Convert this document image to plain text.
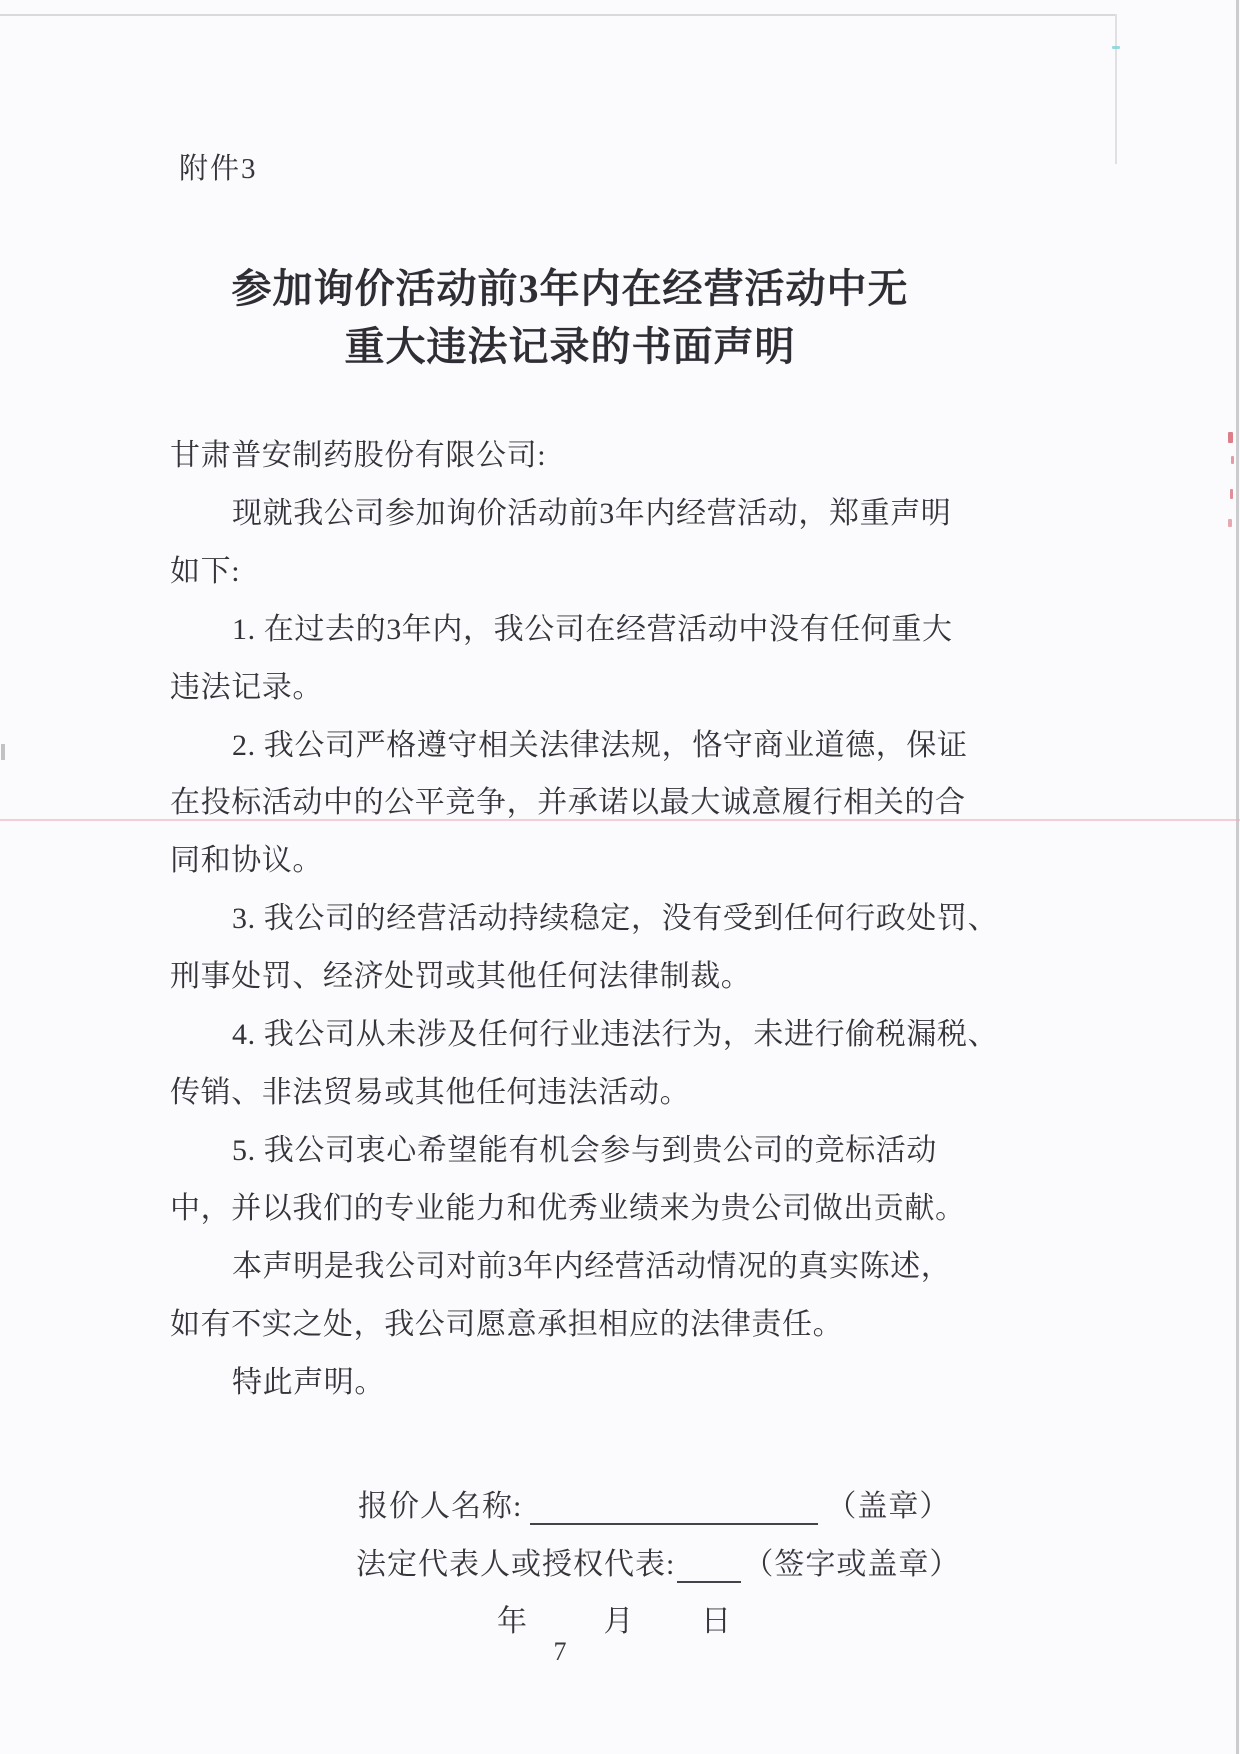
附件3
参加询价活动前3年内在经营活动中无
重大违法记录的书面声明
甘肃普安制药股份有限公司:
现就我公司参加询价活动前3年内经营活动，郑重声明
如下:
1. 在过去的3年内，我公司在经营活动中没有任何重大
违法记录。
2. 我公司严格遵守相关法律法规，恪守商业道德，保证
在投标活动中的公平竞争，并承诺以最大诚意履行相关的合
同和协议。
3. 我公司的经营活动持续稳定，没有受到任何行政处罚、
刑事处罚、经济处罚或其他任何法律制裁。
4. 我公司从未涉及任何行业违法行为，未进行偷税漏税、
传销、非法贸易或其他任何违法活动。
5. 我公司衷心希望能有机会参与到贵公司的竞标活动
中，并以我们的专业能力和优秀业绩来为贵公司做出贡献。
本声明是我公司对前3年内经营活动情况的真实陈述，
如有不实之处，我公司愿意承担相应的法律责任。
特此声明。
报价人名称:	（盖章）
法定代表人或授权代表: （签字或盖章）
年	月 日
7
